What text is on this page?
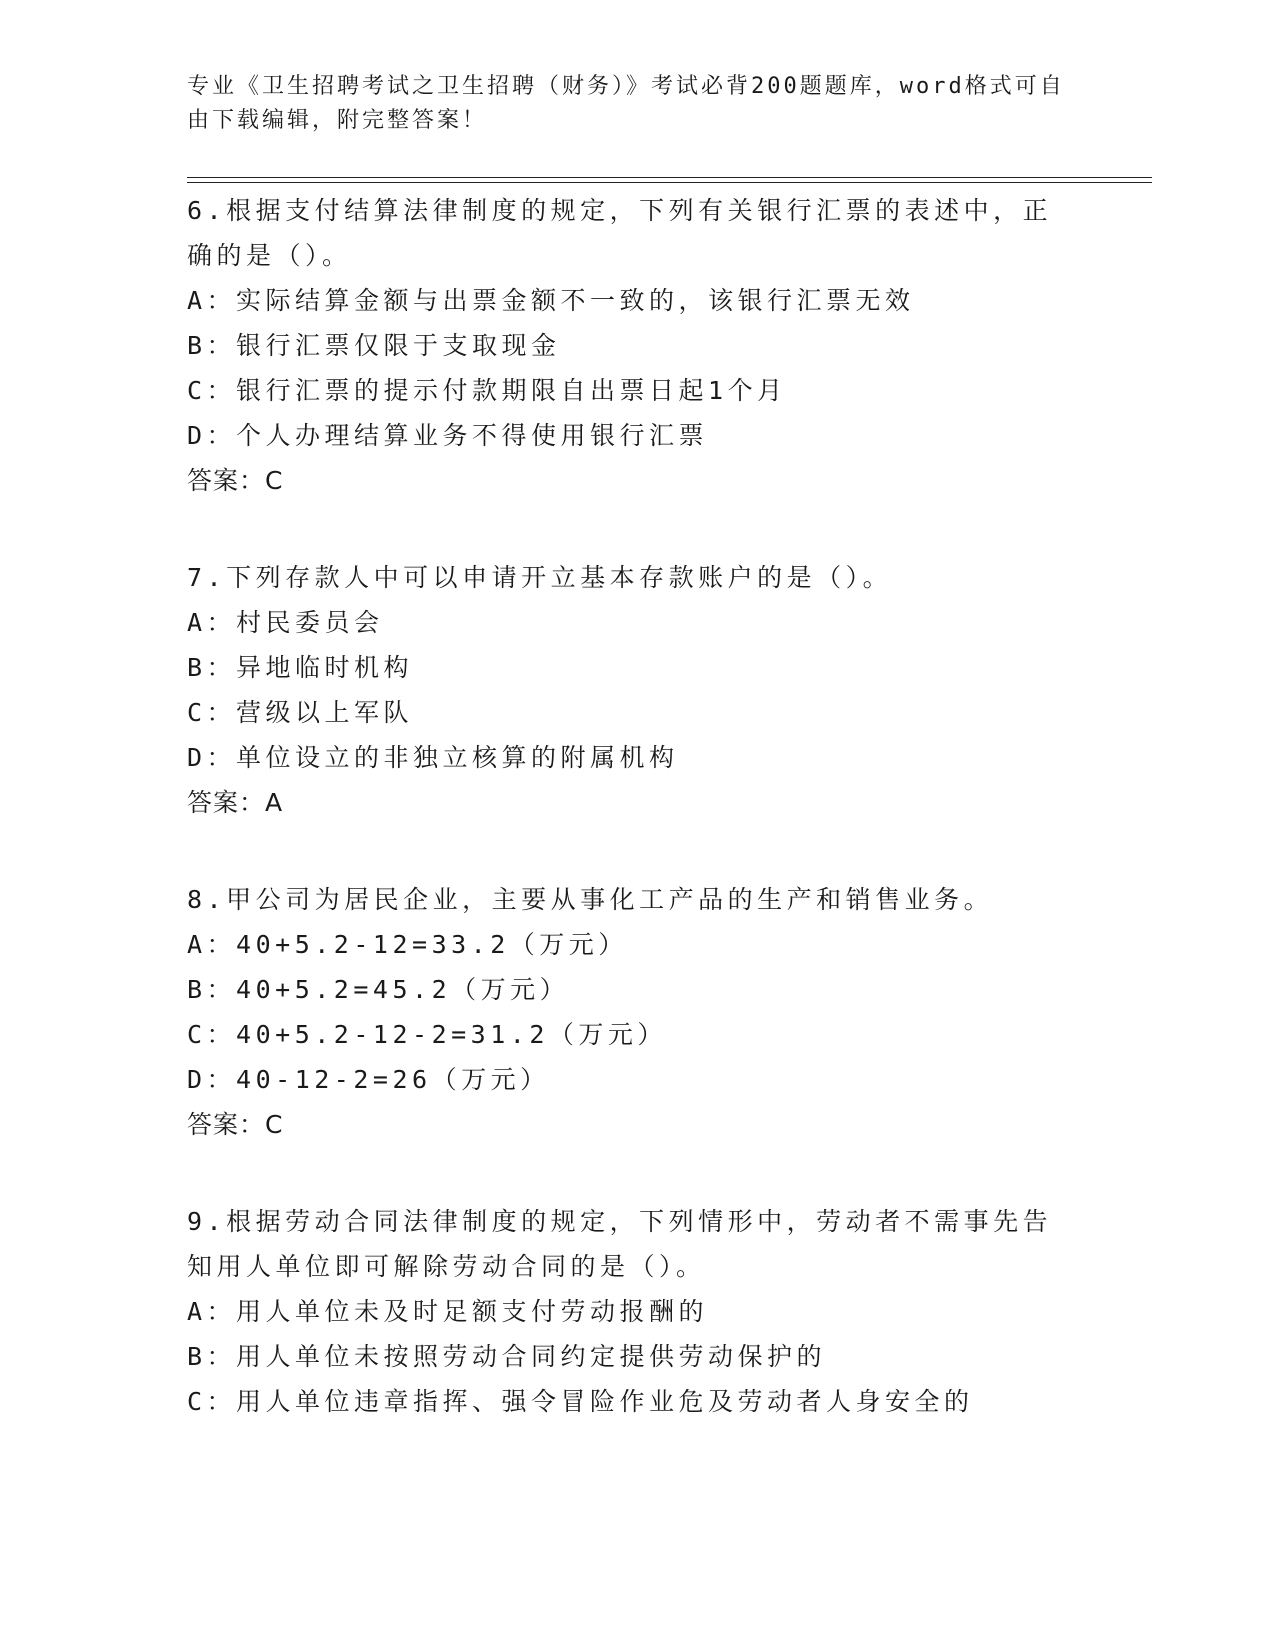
专业《卫生招聘考试之卫生招聘（财务）》考试必背200题题库，word格式可自由下载编辑，附完整答案！

6.根据支付结算法律制度的规定，下列有关银行汇票的表述中，正确的是（）。

A：实际结算金额与出票金额不一致的，该银行汇票无效

B：银行汇票仅限于支取现金

C：银行汇票的提示付款期限自出票日起1个月

D：个人办理结算业务不得使用银行汇票

答案：C

7.下列存款人中可以申请开立基本存款账户的是（）。

A：村民委员会

B：异地临时机构

C：营级以上军队

D：单位设立的非独立核算的附属机构

答案：A

8.甲公司为居民企业，主要从事化工产品的生产和销售业务。

A：40+5.2-12=33.2（万元）

B：40+5.2=45.2（万元）

C：40+5.2-12-2=31.2（万元）

D：40-12-2=26（万元）

答案：C

9.根据劳动合同法律制度的规定，下列情形中，劳动者不需事先告知用人单位即可解除劳动合同的是（）。

A：用人单位未及时足额支付劳动报酬的

B：用人单位未按照劳动合同约定提供劳动保护的

C：用人单位违章指挥、强令冒险作业危及劳动者人身安全的
